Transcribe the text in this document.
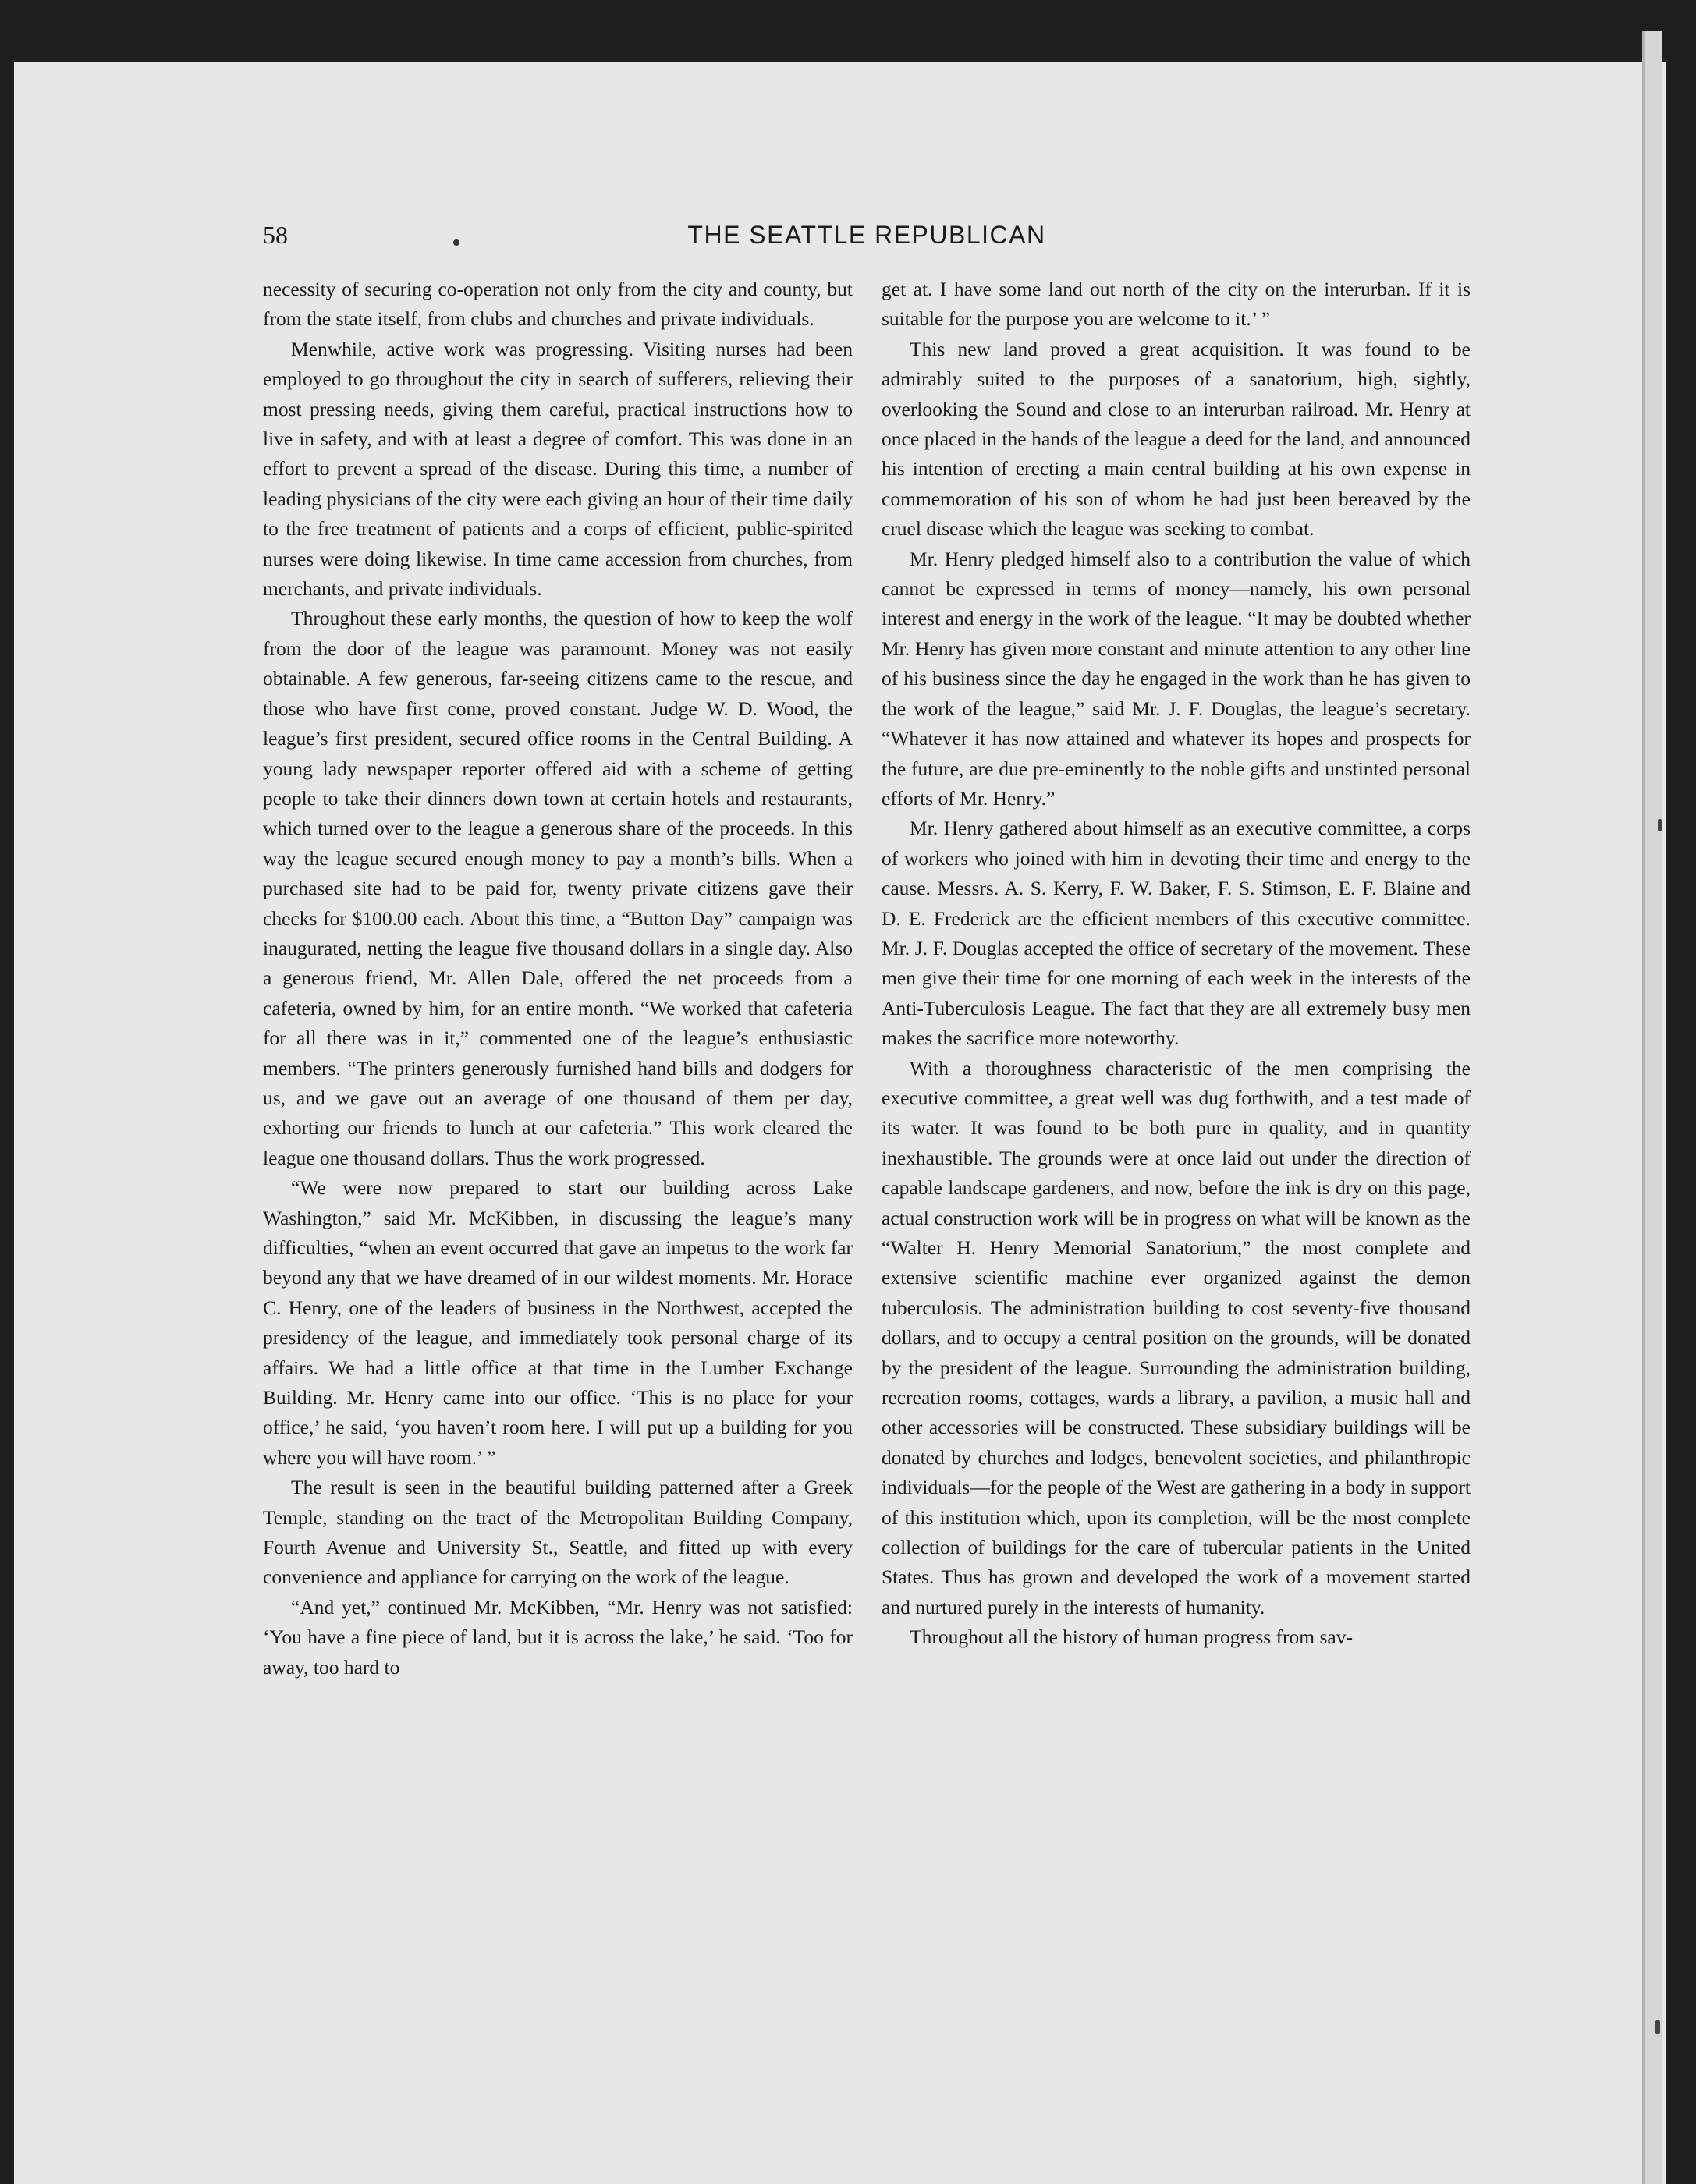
58	THE SEATTLE REPUBLICAN

necessity of securing co-operation not only from the city and county, but from the state itself, from clubs and churches and private individuals.

Menwhile, active work was progressing. Visiting nurses had been employed to go throughout the city in search of sufferers, relieving their most pressing needs, giving them careful, practical instructions how to live in safety, and with at least a degree of comfort. This was done in an effort to prevent a spread of the disease. During this time, a number of leading physicians of the city were each giving an hour of their time daily to the free treatment of patients and a corps of efficient, public-spirited nurses were doing likewise. In time came accession from churches, from merchants, and private individuals.

Throughout these early months, the question of how to keep the wolf from the door of the league was paramount. Money was not easily obtainable. A few generous, far-seeing citizens came to the rescue, and those who have first come, proved constant. Judge W. D. Wood, the league’s first president, secured office rooms in the Central Building. A young lady newspaper reporter offered aid with a scheme of getting people to take their dinners down town at certain hotels and restaurants, which turned over to the league a generous share of the proceeds. In this way the league secured enough money to pay a month’s bills. When a purchased site had to be paid for, twenty private citizens gave their checks for $100.00 each. About this time, a “Button Day” campaign was inaugurated, netting the league five thousand dollars in a single day. Also a generous friend, Mr. Allen Dale, offered the net proceeds from a cafeteria, owned by him, for an entire month. “We worked that cafeteria for all there was in it,” commented one of the league’s enthusiastic members. “The printers generously furnished hand bills and dodgers for us, and we gave out an average of one thousand of them per day, exhorting our friends to lunch at our cafeteria.” This work cleared the league one thousand dollars. Thus the work progressed.

“We were now prepared to start our building across Lake Washington,” said Mr. McKibben, in discussing the league’s many difficulties, “when an event occurred that gave an impetus to the work far beyond any that we have dreamed of in our wildest moments. Mr. Horace C. Henry, one of the leaders of business in the Northwest, accepted the presidency of the league, and immediately took personal charge of its affairs. We had a little office at that time in the Lumber Exchange Building. Mr. Henry came into our office. ‘This is no place for your office,’ he said, ‘you haven’t room here. I will put up a building for you where you will have room.’ ”

The result is seen in the beautiful building patterned after a Greek Temple, standing on the tract of the Metropolitan Building Company, Fourth Avenue and University St., Seattle, and fitted up with every convenience and appliance for carrying on the work of the league.

“And yet,” continued Mr. McKibben, “Mr. Henry was not satisfied: ‘You have a fine piece of land, but it is across the lake,’ he said. ‘Too for away, too hard to

get at. I have some land out north of the city on the interurban. If it is suitable for the purpose you are welcome to it.’ ”

This new land proved a great acquisition. It was found to be admirably suited to the purposes of a sanatorium, high, sightly, overlooking the Sound and close to an interurban railroad. Mr. Henry at once placed in the hands of the league a deed for the land, and announced his intention of erecting a main central building at his own expense in commemoration of his son of whom he had just been bereaved by the cruel disease which the league was seeking to combat.

Mr. Henry pledged himself also to a contribution the value of which cannot be expressed in terms of money—namely, his own personal interest and energy in the work of the league. “It may be doubted whether Mr. Henry has given more constant and minute attention to any other line of his business since the day he engaged in the work than he has given to the work of the league,” said Mr. J. F. Douglas, the league’s secretary. “Whatever it has now attained and whatever its hopes and prospects for the future, are due pre-eminently to the noble gifts and unstinted personal efforts of Mr. Henry.”

Mr. Henry gathered about himself as an executive committee, a corps of workers who joined with him in devoting their time and energy to the cause. Messrs. A. S. Kerry, F. W. Baker, F. S. Stimson, E. F. Blaine and D. E. Frederick are the efficient members of this executive committee. Mr. J. F. Douglas accepted the office of secretary of the movement. These men give their time for one morning of each week in the interests of the Anti-Tuberculosis League. The fact that they are all extremely busy men makes the sacrifice more noteworthy.

With a thoroughness characteristic of the men comprising the executive committee, a great well was dug forthwith, and a test made of its water. It was found to be both pure in quality, and in quantity inexhaustible. The grounds were at once laid out under the direction of capable landscape gardeners, and now, before the ink is dry on this page, actual construction work will be in progress on what will be known as the “Walter H. Henry Memorial Sanatorium,” the most complete and extensive scientific machine ever organized against the demon tuberculosis. The administration building to cost seventy-five thousand dollars, and to occupy a central position on the grounds, will be donated by the president of the league. Surrounding the administration building, recreation rooms, cottages, wards a library, a pavilion, a music hall and other accessories will be constructed. These subsidiary buildings will be donated by churches and lodges, benevolent societies, and philanthropic individuals—for the people of the West are gathering in a body in support of this institution which, upon its completion, will be the most complete collection of buildings for the care of tubercular patients in the United States. Thus has grown and developed the work of a movement started and nurtured purely in the interests of humanity.

Throughout all the history of human progress from sav-
